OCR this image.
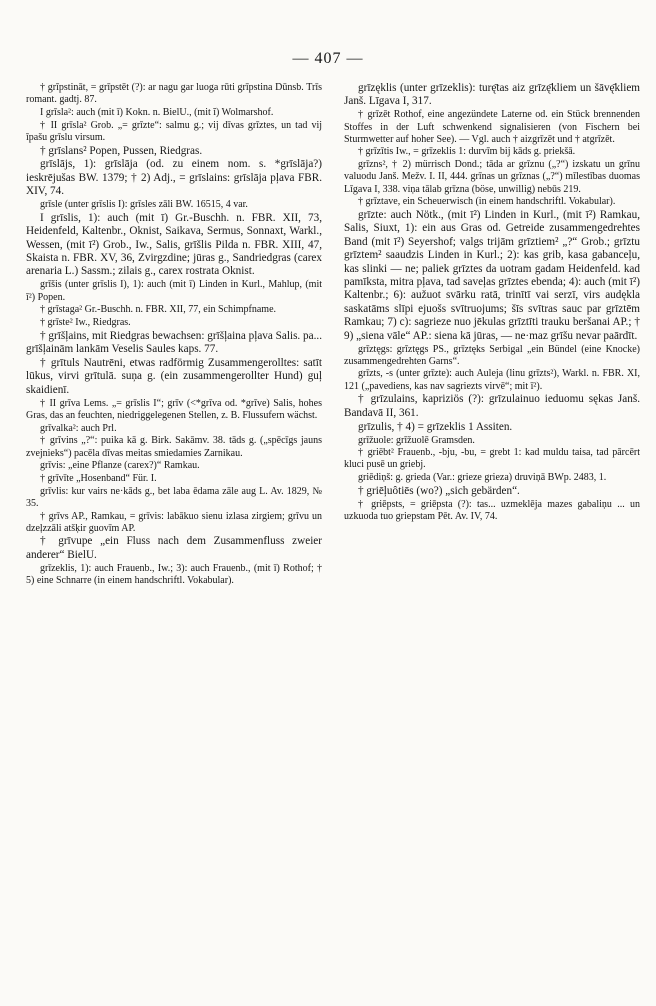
— 407 —

† grīpstināt, = grīpstēt (?): ar nagu gar luoga rūti grīpstina Dūnsb. Trīs romant. gadtj. 87.

I grīsla²: auch (mit ī) Kokn. n. BielU., (mit ĭ) Wolmarshof.

† II grīsla² Grob. „= grīzte“: salmu g.; vij dīvas grīztes, un tad vij īpašu grīslu virsum.

† grīslans² Popen, Pussen, Riedgras.

grīslājs, 1): grīslāja (od. zu einem nom. s. *grīslāja?) ieskrējušas BW. 1379; † 2) Adj., = grīslains: grīslāja pļava FBR. XIV, 74.

grīsle (unter grīslis I): grīsles zāli BW. 16515, 4 var.

I grīslis, 1): auch (mit ī) Gr.-Buschh. n. FBR. XII, 73, Heidenfeld, Kaltenbr., Oknist, Saikava, Sermus, Sonnaxt, Warkl., Wessen, (mit ī²) Grob., Iw., Salis, grīšlis Pilda n. FBR. XIII, 47, Skaista n. FBR. XV, 36, Zvirgzdine; jūras g., Sandriedgras (carex arenaria L.) Sassm.; zilais g., carex rostrata Oknist.

grīšis (unter grīslis I), 1): auch (mit ī) Linden in Kurl., Mahlup, (mit ī²) Popen.

† grīstaga² Gr.-Buschh. n. FBR. XII, 77, ein Schimpfname.

† grīste² Iw., Riedgras.

† grīšļains, mit Riedgras bewachsen: grīšļaina pļava Salis. pa... grīšļainām lankām Veselis Saules kaps. 77.

† grītuls Nautrēni, etwas radförmig Zusammengerolltes: satīt lūkus, virvi grītulā. suņa g. (ein zusammengerollter Hund) guļ skaidienī.

† II grīva Lems. „= grīslis I“; grīv (<*grīva od. *grīve) Salis, hohes Gras, das an feuchten, niedriggelegenen Stellen, z. B. Flussufern wächst.

grīvalka²: auch Prl.

† grīvins „?“: puika kā g. Birk. Sakāmv. 38. tāds g. („spēcīgs jauns zvejnieks“) pacēla dīvas meitas smiedamies Zarnikau.

grīvis: „eine Pflanze (carex?)“ Ramkau.

† grīvīte „Hosenband“ Für. I.

grīvlis: kur vairs ne·kāds g., bet laba ēdama zāle aug L. Av. 1829, № 35.

† grīvs AP., Ramkau, = grīvis: labākuo sienu izlasa zirgiem; grīvu un dzeļzzāli atšķir guovīm AP.

† grīvupe „ein Fluss nach dem Zusammenfluss zweier anderer“ BielU.

grīzeklis, 1): auch Frauenb., Iw.; 3): auch Frauenb., (mit ī) Rothof; † 5) eine Schnarre (in einem handschriftl. Vokabular).

grīzęklis (unter grīzeklis): turę̄tas aiz grīzę̄kliem un šāvę̄kliem Janš. Līgava I, 317.

† grīzēt Rothof, eine angezündete Laterne od. ein Stück brennenden Stoffes in der Luft schwenkend signalisieren (von Fischern bei Sturmwetter auf hoher See). — Vgl. auch † aizgrīzēt und † atgrīzēt.

† grīzītis Iw., = grīzeklis 1: durvīm bij kāds g. priekšā.

grīzns², † 2) mürrisch Dond.; tāda ar grīznu („?“) izskatu un grīnu valuodu Janš. Mežv. I. II, 444. grīnas un grīznas („?“) mīlestības duomas Līgava I, 338. viņa tālab grīzna (böse, unwillig) nebūs 219.

† grīztave, ein Scheuerwisch (in einem handschriftl. Vokabular).

grīzte: auch Nötk., (mit ī²) Linden in Kurl., (mit ī²) Ramkau, Salis, Siuxt, 1): ein aus Gras od. Getreide zusammengedrehtes Band (mit ī²) Seyershof; valgs trijām grīztiem² „?“ Grob.; grīztu grīztem² saaudzis Linden in Kurl.; 2): kas grib, kasa gabanceļu, kas slinki — ne; paliek grīztes da uotram gadam Heidenfeld. kad pamīksta, mitra pļava, tad saveļas grīztes ebenda; 4): auch (mit ī²) Kaltenbr.; 6): aužuot svārku ratā, trinītī vai serzī, virs audękla saskatāms slīpi ejuošs svītruojums; šīs svītras sauc par grīztēm Ramkau; 7) c): sagrieze nuo jēkulas grīztīti trauku beršanai AP.; † 9) „siena vāle“ AP.: siena kā jūras, — ne·maz grīšu nevar paārdīt.

grīztęgs: grīztęgs PS., grīztęks Serbigal „ein Bündel (eine Knocke) zusammengedrehten Garns“.

grīzts, -s (unter grīzte): auch Auleja (linu grīzts²), Warkl. n. FBR. XI, 121 („pavediens, kas nav sagriezts virvē“; mit ī²).

† grīzulains, kapriziös (?): grīzulainuo ieduomu sękas Janš. Bandavā II, 361.

grīzulis, † 4) = grīzeklis 1 Assiten.

grīžuole: grīžuolē Gramsden.

† griēbt² Frauenb., -bju, -bu, = grebt 1: kad muldu taisa, tad pārcērt kluci pusē un griebj.

griēdiņš: g. grieda (Var.: grieze grieza) druviņā BWp. 2483, 1.

† griēļuôtiēs (wo?) „sich gebärden“.

† griēpsts, = griēpsta (?): tas... uzmeklēja mazes gabaliņu ... un uzkuoda tuo griepstam Pēt. Av. IV, 74.
